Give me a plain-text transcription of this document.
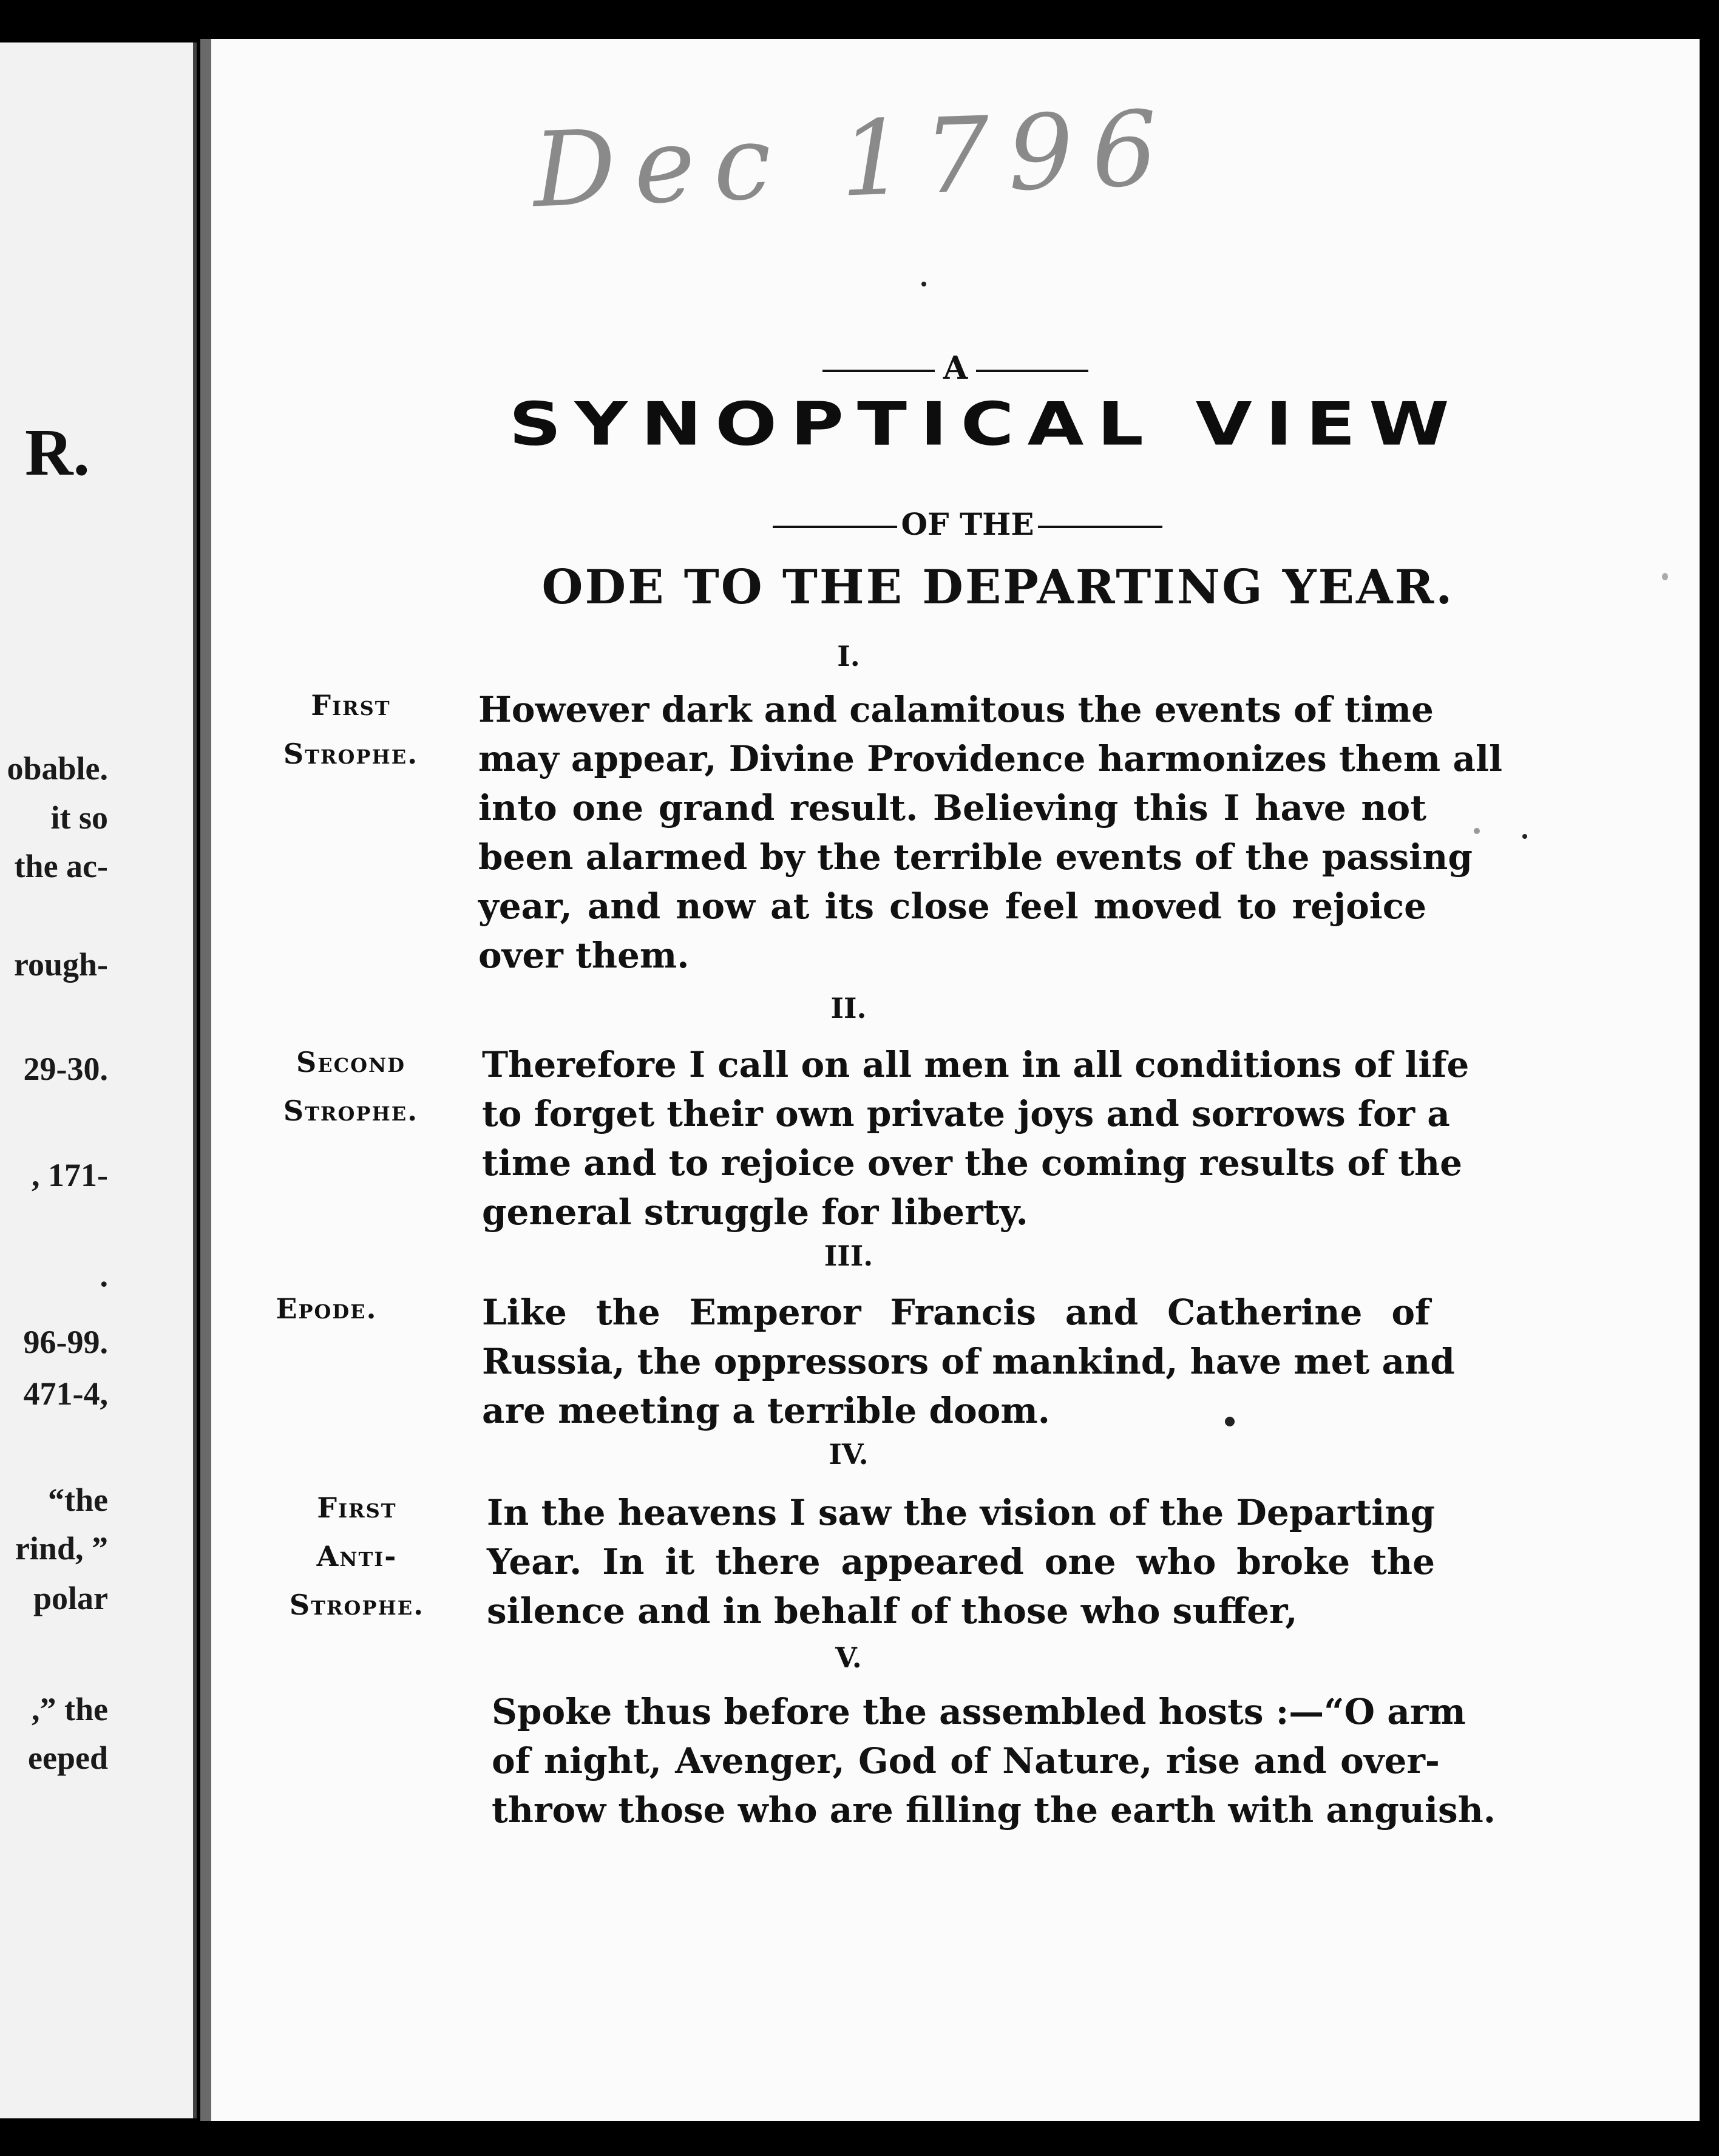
R.
obable.
it so
the ac-
rough-
29-30.
, 171-
.
96-99.
471-4,
“the
rind, ”
polar
,” the
eeped
Dec 1796
A
SYNOPTICAL VIEW
OF THE
ODE TO THE DEPARTING YEAR.
I.
First
Strophe.
However dark and calamitous the events of time
may appear, Divine Providence harmonizes them all
into one grand result. Believing this I have not
been alarmed by the terrible events of the passing
year, and now at its close feel moved to rejoice
over them.
II.
Second
Strophe.
Therefore I call on all men in all conditions of life
to forget their own private joys and sorrows for a
time and to rejoice over the coming results of the
general struggle for liberty.
III.
Epode.	Like the Emperor Francis and Catherine of
Russia, the oppressors of mankind, have met and
are meeting a terrible doom.
IV.
First
Anti-
Strophe.
In the heavens I saw the vision of the Departing
Year. In it there appeared one who broke the
silence and in behalf of those who suffer,
V.
Spoke thus before the assembled hosts :—“O arm
of night, Avenger, God of Nature, rise and over-
throw those who are filling the earth with anguish.
